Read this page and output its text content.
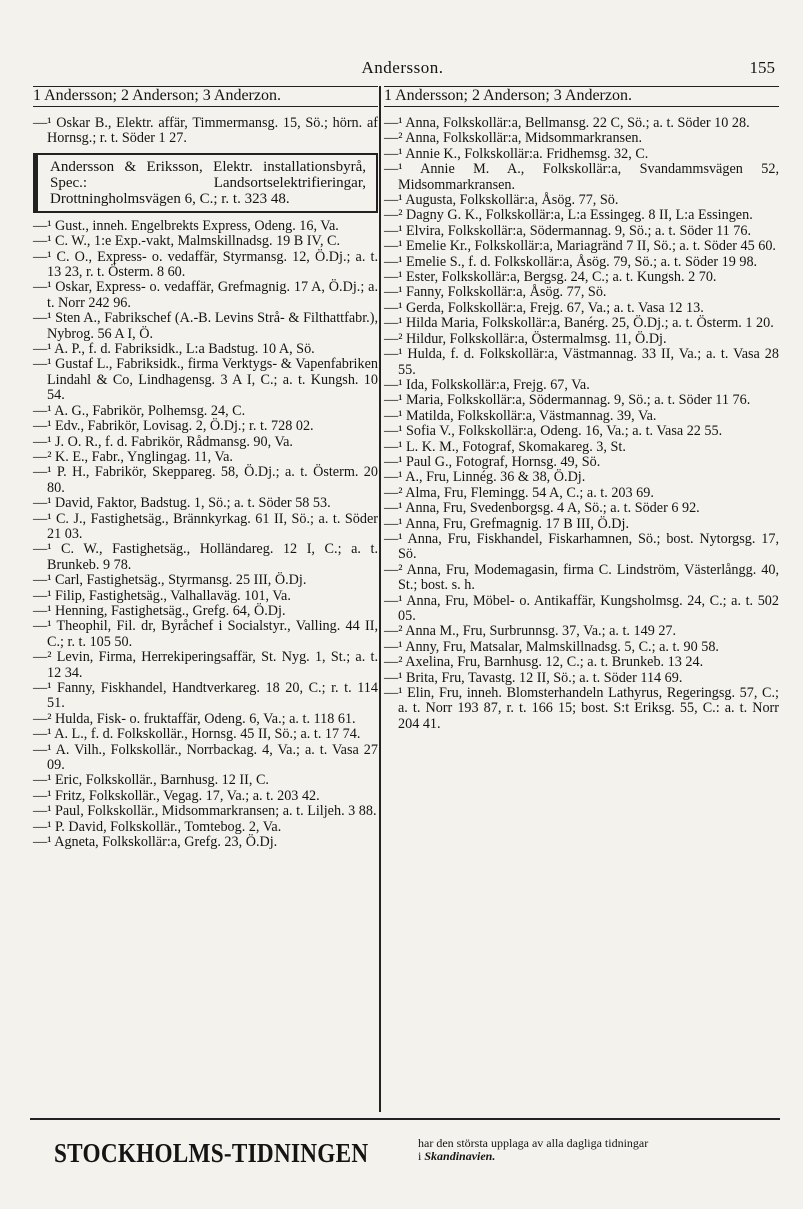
Andersson.	155
1 Andersson; 2 Anderson; 3 Anderzon.	1 Andersson; 2 Anderson; 3 Anderzon.

—¹ Oskar B., Elektr. affär, Timmermansg. 15, Sö.; hörn. af Hornsg.; r. t. Söder 1 27.

Andersson & Eriksson, Elektr. installationsbyrå, Spec.: Landsortselektrifieringar, Drottningholmsvägen 6, C.; r. t. 323 48.

—¹ Gust., inneh. Engelbrekts Express, Odeng. 16, Va.

—¹ C. W., 1:e Exp.-vakt, Malmskillnadsg. 19 B IV, C.

—¹ C. O., Express- o. vedaffär, Styrmansg. 12, Ö.Dj.; a. t. 13 23, r. t. Österm. 8 60.

—¹ Oskar, Express- o. vedaffär, Grefmagnig. 17 A, Ö.Dj.; a. t. Norr 242 96.

—¹ Sten A., Fabrikschef (A.-B. Levins Strå- & Filthattfabr.), Nybrog. 56 A I, Ö.

—¹ A. P., f. d. Fabriksidk., L:a Badstug. 10 A, Sö.

—¹ Gustaf L., Fabriksidk., firma Verktygs- & Vapenfabriken Lindahl & Co, Lindhagensg. 3 A I, C.; a. t. Kungsh. 10 54.

—¹ A. G., Fabrikör, Polhemsg. 24, C.

—¹ Edv., Fabrikör, Lovisag. 2, Ö.Dj.; r. t. 728 02.

—¹ J. O. R., f. d. Fabrikör, Rådmansg. 90, Va.

—² K. E., Fabr., Ynglingag. 11, Va.

—¹ P. H., Fabrikör, Skeppareg. 58, Ö.Dj.; a. t. Österm. 20 80.

—¹ David, Faktor, Badstug. 1, Sö.; a. t. Söder 58 53.

—¹ C. J., Fastighetsäg., Brännkyrkag. 61 II, Sö.; a. t. Söder 21 03.

—¹ C. W., Fastighetsäg., Holländareg. 12 I, C.; a. t. Brunkeb. 9 78.

—¹ Carl, Fastighetsäg., Styrmansg. 25 III, Ö.Dj.

—¹ Filip, Fastighetsäg., Valhallaväg. 101, Va.

—¹ Henning, Fastighetsäg., Grefg. 64, Ö.Dj.

—¹ Theophil, Fil. dr, Byråchef i Socialstyr., Valling. 44 II, C.; r. t. 105 50.

—² Levin, Firma, Herrekiperingsaffär, St. Nyg. 1, St.; a. t. 12 34.

—¹ Fanny, Fiskhandel, Handtverkareg. 18 20, C.; r. t. 114 51.

—² Hulda, Fisk- o. fruktaffär, Odeng. 6, Va.; a. t. 118 61.

—¹ A. L., f. d. Folkskollär., Hornsg. 45 II, Sö.; a. t. 17 74.

—¹ A. Vilh., Folkskollär., Norrbackag. 4, Va.; a. t. Vasa 27 09.

—¹ Eric, Folkskollär., Barnhusg. 12 II, C.

—¹ Fritz, Folkskollär., Vegag. 17, Va.; a. t. 203 42.

—¹ Paul, Folkskollär., Midsommarkransen; a. t. Liljeh. 3 88.

—¹ P. David, Folkskollär., Tomtebog. 2, Va.

—¹ Agneta, Folkskollär:a, Grefg. 23, Ö.Dj.

—¹ Anna, Folkskollär:a, Bellmansg. 22 C, Sö.; a. t. Söder 10 28.

—² Anna, Folkskollär:a, Midsommarkransen.

—¹ Annie K., Folkskollär:a. Fridhemsg. 32, C.

—¹ Annie M. A., Folkskollär:a, Svandammsvägen 52, Midsommarkransen.

—¹ Augusta, Folkskollär:a, Åsög. 77, Sö.

—² Dagny G. K., Folkskollär:a, L:a Essingeg. 8 II, L:a Essingen.

—¹ Elvira, Folkskollär:a, Södermannag. 9, Sö.; a. t. Söder 11 76.

—¹ Emelie Kr., Folkskollär:a, Mariagränd 7 II, Sö.; a. t. Söder 45 60.

—¹ Emelie S., f. d. Folkskollär:a, Åsög. 79, Sö.; a. t. Söder 19 98.

—¹ Ester, Folkskollär:a, Bergsg. 24, C.; a. t. Kungsh. 2 70.

—¹ Fanny, Folkskollär:a, Åsög. 77, Sö.

—¹ Gerda, Folkskollär:a, Frejg. 67, Va.; a. t. Vasa 12 13.

—¹ Hilda Maria, Folkskollär:a, Banérg. 25, Ö.Dj.; a. t. Österm. 1 20.

—² Hildur, Folkskollär:a, Östermalmsg. 11, Ö.Dj.

—¹ Hulda, f. d. Folkskollär:a, Västmannag. 33 II, Va.; a. t. Vasa 28 55.

—¹ Ida, Folkskollär:a, Frejg. 67, Va.

—¹ Maria, Folkskollär:a, Södermannag. 9, Sö.; a. t. Söder 11 76.

—¹ Matilda, Folkskollär:a, Västmannag. 39, Va.

—¹ Sofia V., Folkskollär:a, Odeng. 16, Va.; a. t. Vasa 22 55.

—¹ L. K. M., Fotograf, Skomakareg. 3, St.

—¹ Paul G., Fotograf, Hornsg. 49, Sö.

—¹ A., Fru, Linnég. 36 & 38, Ö.Dj.

—² Alma, Fru, Flemingg. 54 A, C.; a. t. 203 69.

—¹ Anna, Fru, Svedenborgsg. 4 A, Sö.; a. t. Söder 6 92.

—¹ Anna, Fru, Grefmagnig. 17 B III, Ö.Dj.

—¹ Anna, Fru, Fiskhandel, Fiskarhamnen, Sö.; bost. Nytorgsg. 17, Sö.

—² Anna, Fru, Modemagasin, firma C. Lindström, Västerlångg. 40, St.; bost. s. h.

—¹ Anna, Fru, Möbel- o. Antikaffär, Kungsholmsg. 24, C.; a. t. 502 05.

—² Anna M., Fru, Surbrunnsg. 37, Va.; a. t. 149 27.

—¹ Anny, Fru, Matsalar, Malmskillnadsg. 5, C.; a. t. 90 58.

—² Axelina, Fru, Barnhusg. 12, C.; a. t. Brunkeb. 13 24.

—¹ Brita, Fru, Tavastg. 12 II, Sö.; a. t. Söder 114 69.

—¹ Elin, Fru, inneh. Blomsterhandeln Lathyrus, Regeringsg. 57, C.; a. t. Norr 193 87, r. t. 166 15; bost. S:t Eriksg. 55, C.: a. t. Norr 204 41.

STOCKHOLMS-TIDNINGEN	har den största upplaga av alla dagliga tidningar
i Skandinavien.
